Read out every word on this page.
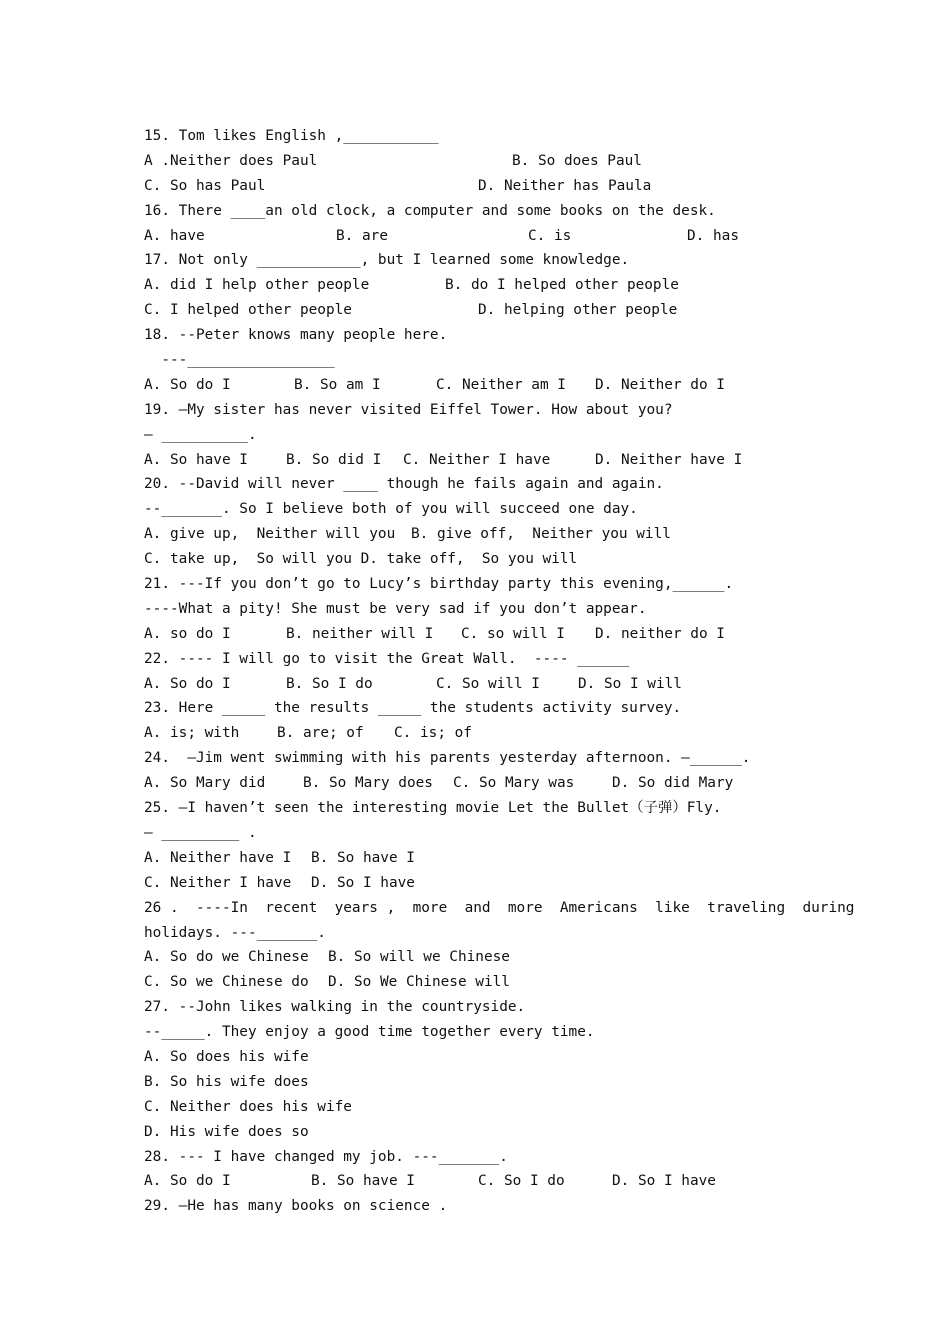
15. Tom likes English ,___________

A .Neither does Paul

	B. So does Paul

C. So has Paul

	D. Neither has Paula

16. There ____an old clock, a computer and some books on the desk.

A. have

	B. are

	C. is

	D. has

17. Not only ____________, but I learned some knowledge.

A. did I help other people

	B. do I helped other people

C. I helped other people

	D. helping other people

18. --Peter knows many people here.
---_________________

A. So do I

	B. So am I

	C. Neither am I

D. Neither do I

19. –My sister has never visited Eiffel Tower. How about you?
– __________.

A. So have I

	B. So did I

C. Neither I have

	D. Neither have I

20. --David will never ____ though he fails again and again.
--_______. So I believe both of you will succeed one day.

A. give up,  Neither will you

B. give off,  Neither you will

C. take up,  So will you D. take off,  So you will

21. ---If you don’t go to Lucy’s birthday party this evening,______.
----What a pity! She must be very sad if you don’t appear.

A. so do I

	B. neither will I

C. so will I

D. neither do I

22. ---- I will go to visit the Great Wall.  ---- ______

A. So do I

	B. So I do

	C. So will I

	D. So I will

23. Here _____ the results _____ the students activity survey.

A. is; with

	B. are; of

C. is; of

24.  –Jim went swimming with his parents yesterday afternoon. –______.

A. So Mary did

	B. So Mary does

C. So Mary was

	D. So did Mary

25. —I haven’t seen the interesting movie Let the Bullet（子弹）Fly.
— _________ .

A. Neither have I

B. So have I

C. Neither I have

D. So I have

26 .  ----In  recent  years ,  more  and  more  Americans  like  traveling  during
holidays. ---_______.

A. So do we Chinese

B. So will we Chinese

C. So we Chinese do

D. So We Chinese will

27. --John likes walking in the countryside.
--_____. They enjoy a good time together every time.
A. So does his wife
B. So his wife does
C. Neither does his wife
D. His wife does so
28. --- I have changed my job. ---_______.

A. So do I

	B. So have I

	C. So I do

	D. So I have

29. —He has many books on science .
